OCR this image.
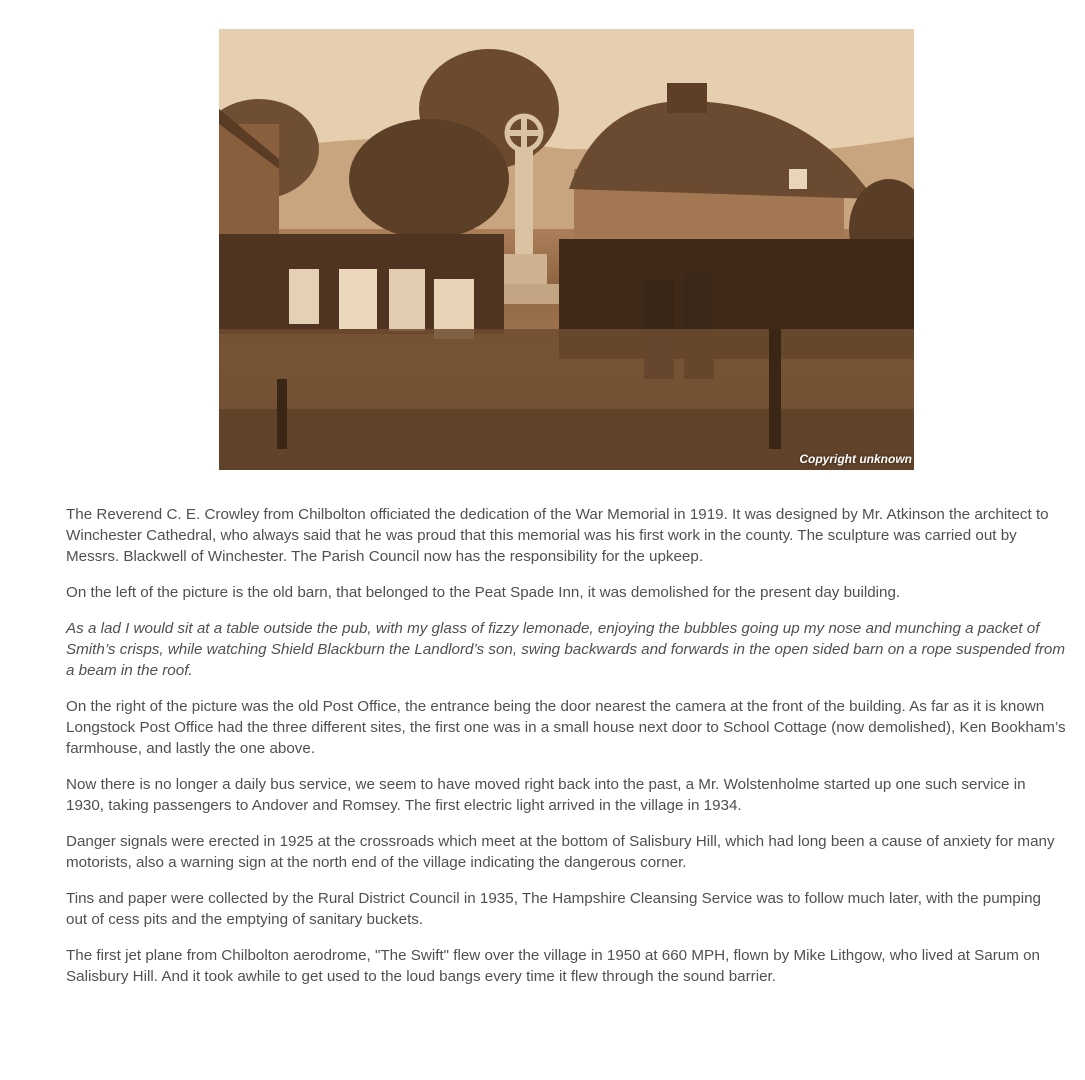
Copyright unknown

The Reverend C. E. Crowley from Chilbolton officiated the dedication of the War Memorial in 1919. It was designed by Mr. Atkinson the architect to Winchester Cathedral, who always said that he was proud that this memorial was his first work in the county. The sculpture was carried out by Messrs. Blackwell of Winchester. The Parish Council now has the responsibility for the upkeep.

On the left of the picture is the old barn, that belonged to the Peat Spade Inn, it was demolished for the present day building.

As a lad I would sit at a table outside the pub, with my glass of fizzy lemonade, enjoying the bubbles going up my nose and munching a packet of Smith’s crisps, while watching Shield Blackburn the Landlord’s son, swing backwards and forwards in the open sided barn on a rope suspended from a beam in the roof.

On the right of the picture was the old Post Office, the entrance being the door nearest the camera at the front of the building. As far as it is known Longstock Post Office had the three different sites, the first one was in a small house next door to School Cottage (now demolished), Ken Bookham’s farmhouse, and lastly the one above.

Now there is no longer a daily bus service, we seem to have moved right back into the past, a Mr. Wolstenholme started up one such service in 1930, taking passengers to Andover and Romsey. The first electric light arrived in the village in 1934.

Danger signals were erected in 1925 at the crossroads which meet at the bottom of Salisbury Hill, which had long been a cause of anxiety for many motorists, also a warning sign at the north end of the village indicating the dangerous corner.

Tins and paper were collected by the Rural District Council in 1935, The Hampshire Cleansing Service was to follow much later, with the pumping out of cess pits and the emptying of sanitary buckets.

The first jet plane from Chilbolton aerodrome, "The Swift" flew over the village in 1950 at 660 MPH, flown by Mike Lithgow, who lived at Sarum on Salisbury Hill. And it took awhile to get used to the loud bangs every time it flew through the sound barrier.
